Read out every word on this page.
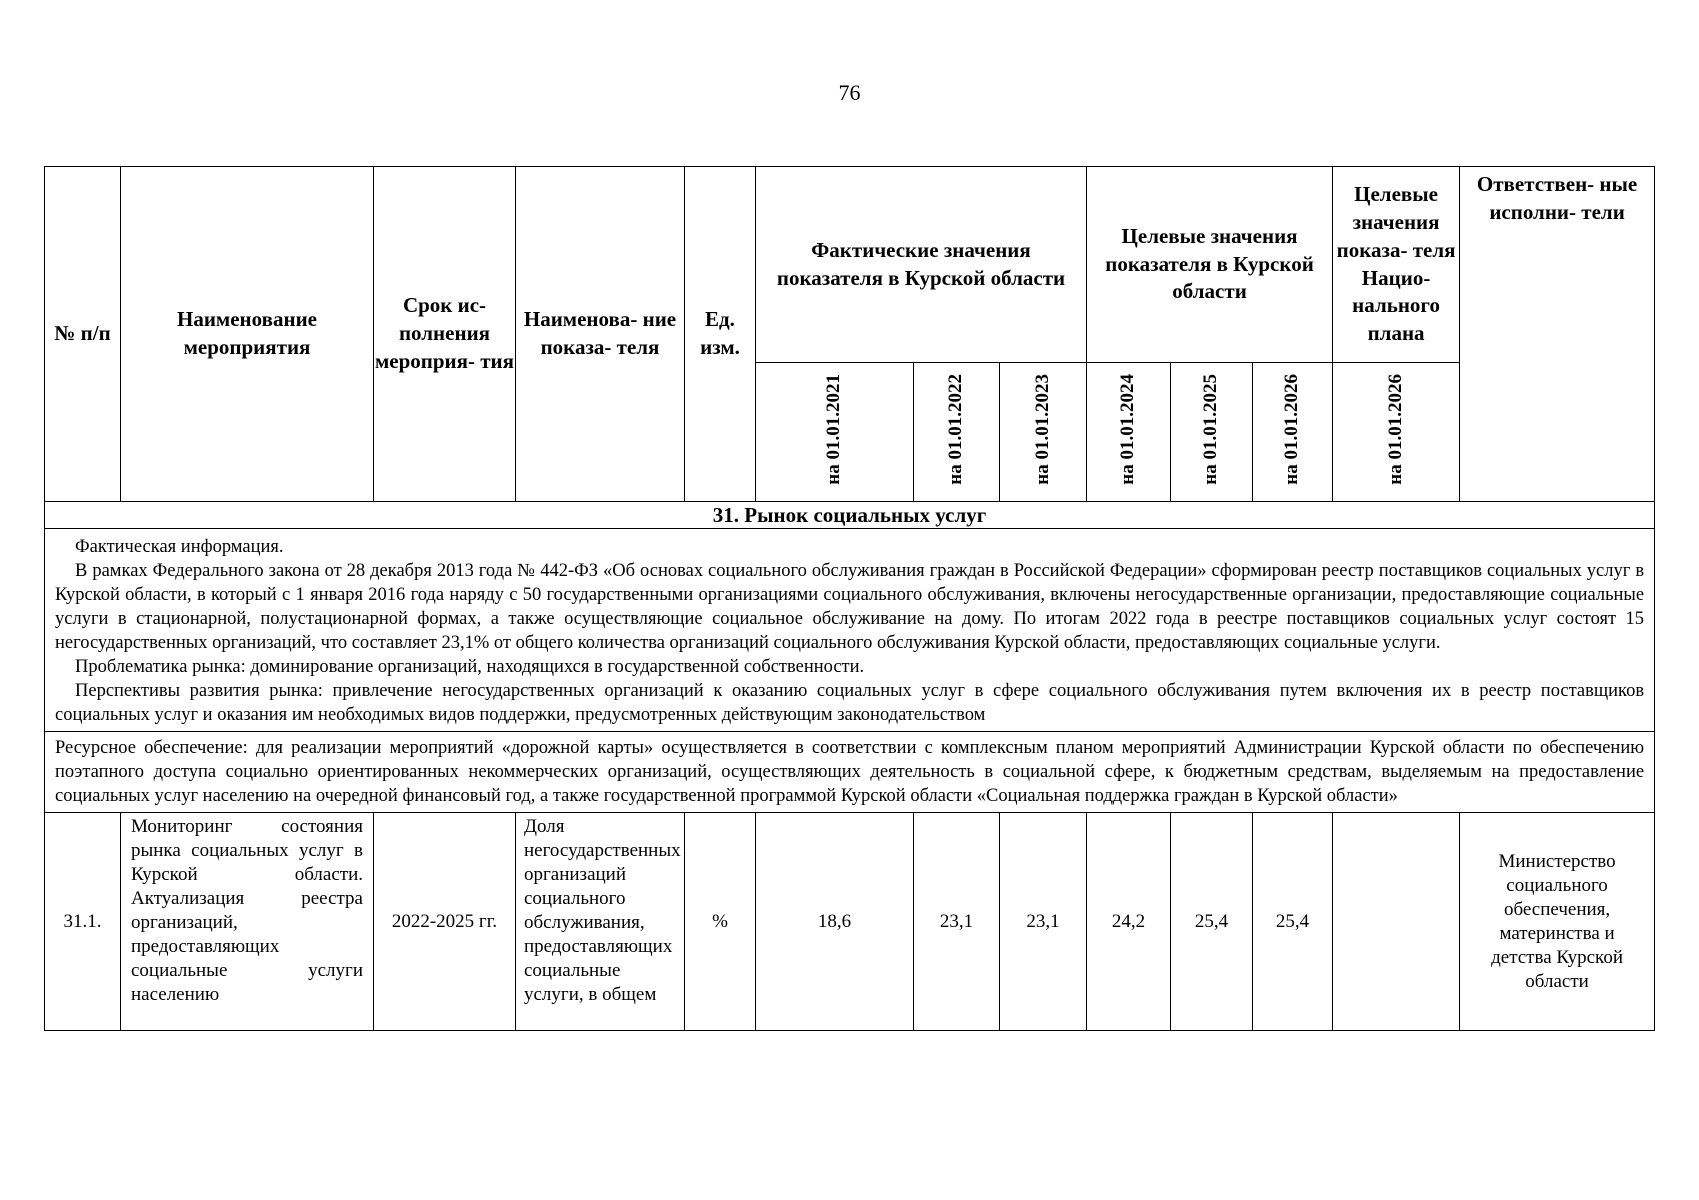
76
№ п/п	Наименование мероприятия	Срок ис- полнения мероприя- тия	Наименова- ние показа- теля	Ед. изм.	Фактические значения показателя в Курской области			Целевые значения показателя в Курской области			Целевые значения показа- теля Нацио- нального плана	Ответствен- ные исполни- тели
					на 01.01.2021	на 01.01.2022	на 01.01.2023	на 01.01.2024	на 01.01.2025	на 01.01.2026	на 01.01.2026	
31. Рынок социальных услуг												

Фактическая информация.

В рамках Федерального закона от 28 декабря 2013 года № 442-ФЗ «Об основах социального обслуживания граждан в Российской Федерации» сформирован реестр поставщиков социальных услуг в Курской области, в который с 1 января 2016 года наряду с 50 государственными организациями социального обслуживания, включены негосударственные организации, предоставляющие социальные услуги в стационарной, полустационарной формах, а также осуществляющие социальное обслуживание на дому. По итогам 2022 года в реестре поставщиков социальных услуг состоят 15 негосударственных организаций, что составляет 23,1% от общего количества организаций социального обслуживания Курской области, предоставляющих социальные услуги.

Проблематика рынка: доминирование организаций, находящихся в государственной собственности.

Перспективы развития рынка: привлечение негосударственных организаций к оказанию социальных услуг в сфере социального обслуживания путем включения их в реестр поставщиков социальных услуг и оказания им необходимых видов поддержки, предусмотренных действующим законодательством												

Ресурсное обеспечение: для реализации мероприятий «дорожной карты» осуществляется в соответствии с комплексным планом мероприятий Администрации Курской области по обеспечению поэтапного доступа социально ориентированных некоммерческих организаций, осуществляющих деятельность в социальной сфере, к бюджетным средствам, выделяемым на предоставление социальных услуг населению на очередной финансовый год, а также государственной программой Курской области «Социальная поддержка граждан в Курской области»												
31.1.	Мониторинг состояния рынка социальных услуг в Курской области. Актуализация реестра организаций, предоставляющих социальные услуги населению	2022-2025 гг.	Доля негосударственных организаций социального обслуживания, предоставляющих социальные услуги, в общем	%	18,6	23,1	23,1	24,2	25,4	25,4		Министерство социального обеспечения, материнства и детства Курской области
